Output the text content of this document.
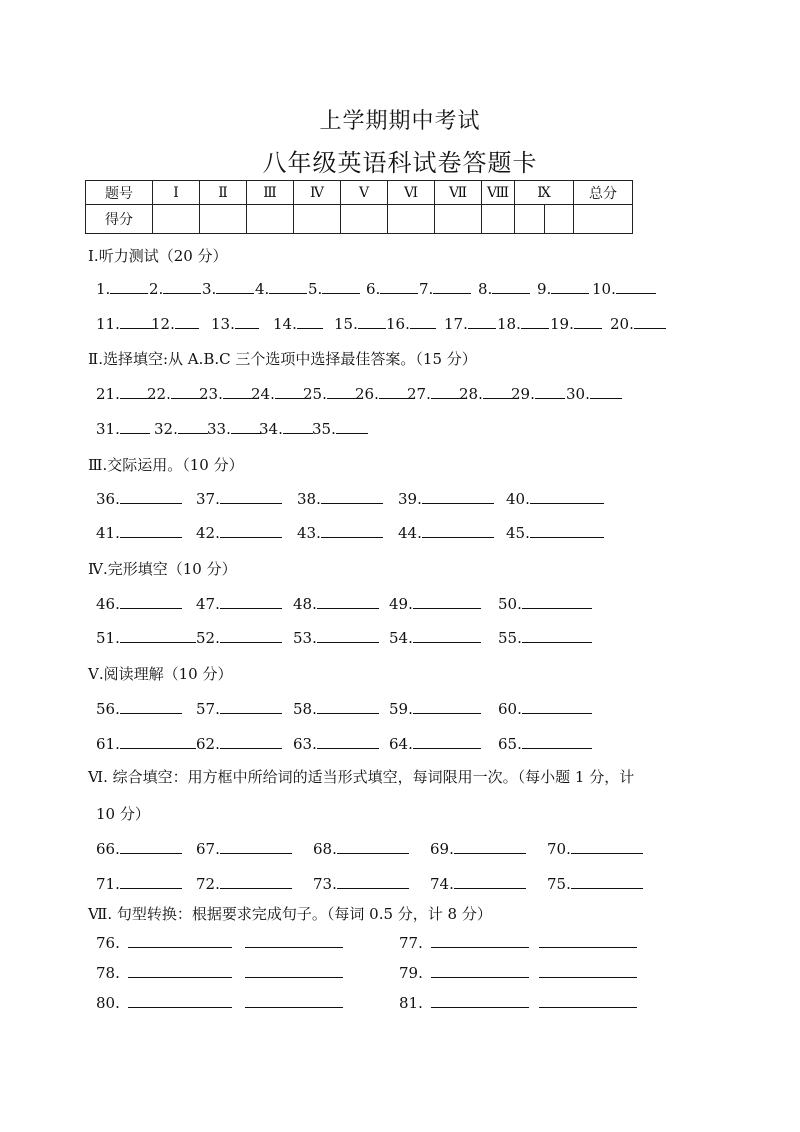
上学期期中考试
八年级英语科试卷答题卡
题号	Ⅰ	Ⅱ	Ⅲ	Ⅳ	Ⅴ	Ⅵ	Ⅶ	Ⅷ	Ⅸ		总分
得分											
Ⅰ.听力测试（20 分）
1.	2.	3.	4.	5.	6.	7.	8.	9.	10.
11.	12.	13.	14.	15.	16.	17.	18.	19.	20.
Ⅱ.选择填空:从 A.B.C 三个选项中选择最佳答案。（15 分）
21.	22.	23.	24.	25.	26.	27.	28.	29.	30.
31.	32.	33.	34.	35.
Ⅲ.交际运用。（10 分）
36.	37.	38.	39.	40.
41.	42.	43.	44.	45.
Ⅳ.完形填空（10 分）
46.	47.	48.	49.	50.
51.	52.	53.	54.	55.
Ⅴ.阅读理解（10 分）
56.	57.	58.	59.	60.
61.	62.	63.	64.	65.
Ⅵ. 综合填空：用方框中所给词的适当形式填空，每词限用一次。（每小题 1 分，计
10 分）
66.	67.	68.	69.	70.
71.	72.	73.	74.	75.
Ⅶ. 句型转换：根据要求完成句子。（每词 0.5 分，计 8 分）
76.	77.
78.	79.
80.	81.
